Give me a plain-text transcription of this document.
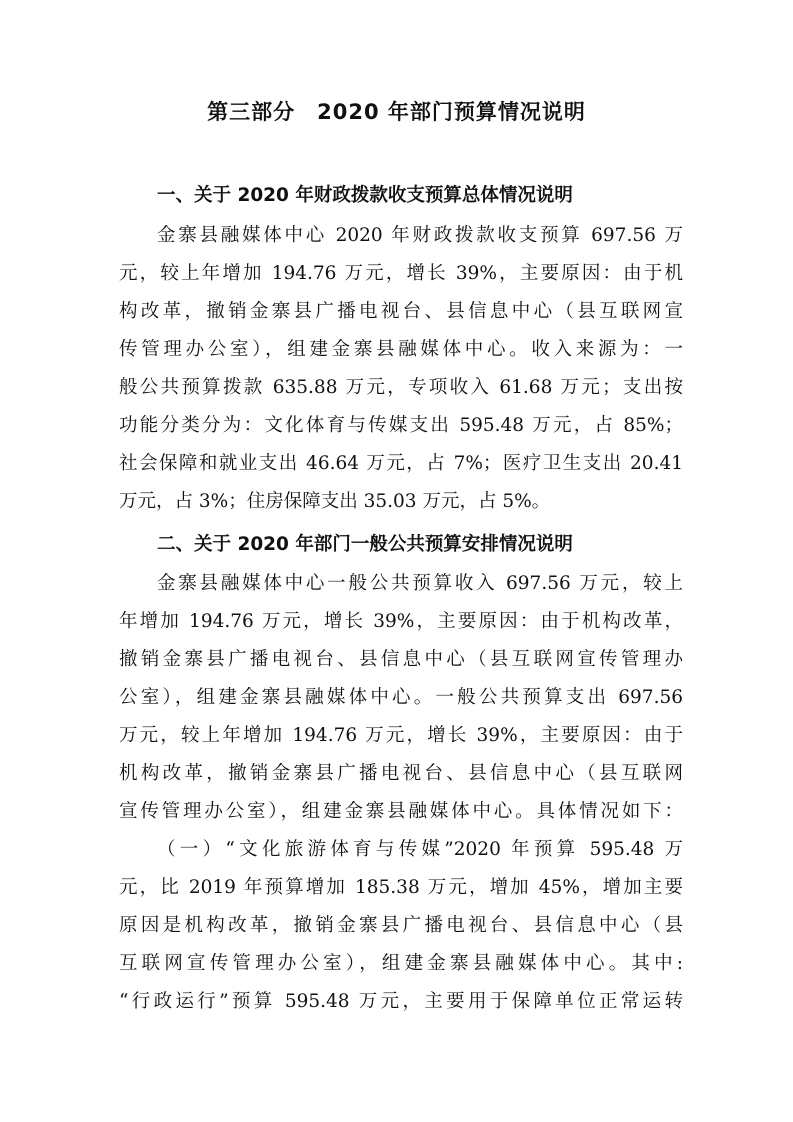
第三部分　2020 年部门预算情况说明
一、关于 2020 年财政拨款收支预算总体情况说明
金寨县融媒体中心 2020 年财政拨款收支预算 697.56 万
元，较上年增加 194.76 万元，增长 39%，主要原因：由于机
构改革，撤销金寨县广播电视台、县信息中心（县互联网宣
传管理办公室），组建金寨县融媒体中心。收入来源为：一
般公共预算拨款 635.88 万元，专项收入 61.68 万元；支出按
功能分类分为：文化体育与传媒支出 595.48 万元，占 85%；
社会保障和就业支出 46.64 万元，占 7%；医疗卫生支出 20.41
万元，占 3%；住房保障支出 35.03 万元，占 5%。
二、关于 2020 年部门一般公共预算安排情况说明
金寨县融媒体中心一般公共预算收入 697.56 万元，较上
年增加 194.76 万元，增长 39%，主要原因：由于机构改革，
撤销金寨县广播电视台、县信息中心（县互联网宣传管理办
公室），组建金寨县融媒体中心。一般公共预算支出 697.56
万元，较上年增加 194.76 万元，增长 39%，主要原因：由于
机构改革，撤销金寨县广播电视台、县信息中心（县互联网
宣传管理办公室），组建金寨县融媒体中心。具体情况如下：
（一）“文化旅游体育与传媒”2020 年预算 595.48 万
元，比 2019 年预算增加 185.38 万元，增加 45%，增加主要
原因是机构改革，撤销金寨县广播电视台、县信息中心（县
互联网宣传管理办公室），组建金寨县融媒体中心。其中:
“行政运行”预算 595.48 万元，主要用于保障单位正常运转
